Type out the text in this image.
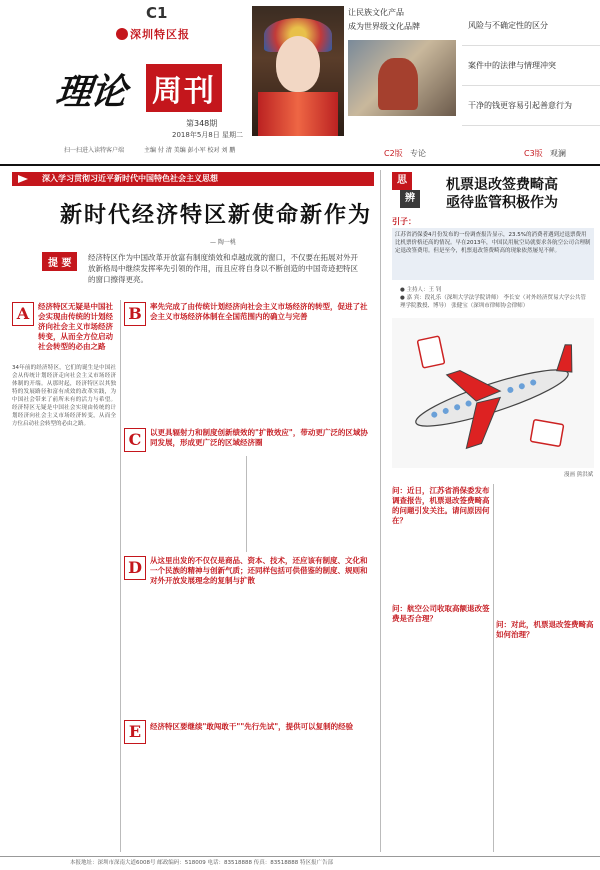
C1
深圳特区报
理论 周刊
第348期
2018年5月8日 星期二
扫一扫进入读特客户端	主编 付 清 美编 彭小军 校对 刘 鹏
让民族文化产品
成为世界级文化品牌	风险与不确定性的区分
案件中的法律与情理冲突
干净的钱更容易引起善意行为
C2版 专论	C3版 观澜
深入学习贯彻习近平新时代中国特色社会主义思想
新时代经济特区新使命新作为
— 陶一桃
提 要
经济特区作为中国改革开放富有制度绩效和卓越成就的窗口，不仅要在拓展对外开放新格局中继续发挥率先引领的作用，而且应将自身以不断创造的中国奇迹把特区的窗口擦得更亮。
A	经济特区无疑是中国社会实现由传统的计划经济向社会主义市场经济转变，从而全方位启动社会转型的必由之路
34年前的经济特区，它们的诞生是中国社会从传统计划经济走向社会主义市场经济体制的开端。从那时起，经济特区以其独特的发展路径和富有成效的改革实践，为中国社会带来了前所未有的活力与希望。经济特区无疑是中国社会实现由传统的计划经济向社会主义市场经济转变，从而全方位启动社会转型的必由之路。
B	率先完成了由传统计划经济向社会主义市场经济的转型，促进了社会主义市场经济体制在全国范围内的确立与完善
C	以更具辐射力和制度创新绩效的"扩散效应"，带动更广泛的区域协同发展，形成更广泛的区域经济圈
D	从这里出发的不仅仅是商品、资本、技术，还应该有制度、文化和一个民族的精神与创新气质；还同样包括可供借鉴的制度、规则和对外开放发展理念的复制与扩散
E	经济特区要继续"敢闯敢干""先行先试"，提供可以复制的经验
思
辨
机票退改签费畸高
亟待监管积极作为
引子：
江苏省消保委4月份发布的一份调查报告显示，23.5%的消费者遇到过退票费用比机票价格还高的情况。早在2013年，中国民用航空局就要求各航空公司合理制定退改签费用。但是至今，机票退改签费畸高的现象依然屡见不鲜。
● 主持人：王 钊
● 嘉 宾：段礼乐（深圳大学法学院讲师） 李长安（对外经济贸易大学公共管理学院教授、博导） 张健宝（深圳市律师协会律师）
漫画 熊洪斌
问：近日，江苏省消保委发布调查报告，机票退改签费畸高的问题引发关注。请问原因何在？
问：航空公司收取高额退改签费是否合理？
问：对此，机票退改签费畸高如何治理？
本报地址：深圳市深南大道6008号 邮政编码：518009 电话：83518888 传真：83518888 特区报广告部
